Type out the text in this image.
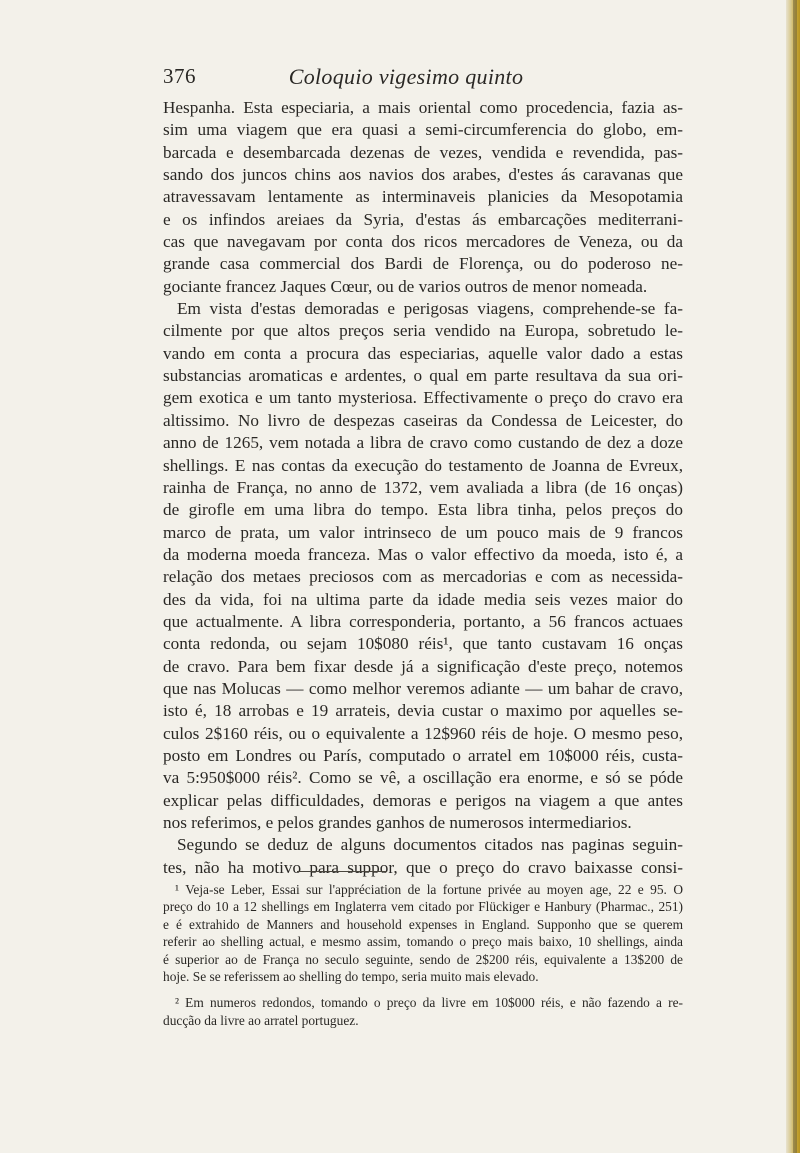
376	Coloquio vigesimo quinto
Hespanha. Esta especiaria, a mais oriental como procedencia, fazia as-
sim uma viagem que era quasi a semi-circumferencia do globo, em-
barcada e desembarcada dezenas de vezes, vendida e revendida, pas-
sando dos juncos chins aos navios dos arabes, d'estes ás caravanas que
atravessavam lentamente as interminaveis planicies da Mesopotamia
e os infindos areiaes da Syria, d'estas ás embarcações mediterrani-
cas que navegavam por conta dos ricos mercadores de Veneza, ou da
grande casa commercial dos Bardi de Florença, ou do poderoso ne-
gociante francez Jaques Cœur, ou de varios outros de menor nomeada.
Em vista d'estas demoradas e perigosas viagens, comprehende-se fa-
cilmente por que altos preços seria vendido na Europa, sobretudo le-
vando em conta a procura das especiarias, aquelle valor dado a estas
substancias aromaticas e ardentes, o qual em parte resultava da sua ori-
gem exotica e um tanto mysteriosa. Effectivamente o preço do cravo era
altissimo. No livro de despezas caseiras da Condessa de Leicester, do
anno de 1265, vem notada a libra de cravo como custando de dez a doze
shellings. E nas contas da execução do testamento de Joanna de Evreux,
rainha de França, no anno de 1372, vem avaliada a libra (de 16 onças)
de girofle em uma libra do tempo. Esta libra tinha, pelos preços do
marco de prata, um valor intrinseco de um pouco mais de 9 francos
da moderna moeda franceza. Mas o valor effectivo da moeda, isto é, a
relação dos metaes preciosos com as mercadorias e com as necessida-
des da vida, foi na ultima parte da idade media seis vezes maior do
que actualmente. A libra corresponderia, portanto, a 56 francos actuaes
conta redonda, ou sejam 10$080 réis¹, que tanto custavam 16 onças
de cravo. Para bem fixar desde já a significação d'este preço, notemos
que nas Molucas — como melhor veremos adiante — um bahar de cravo,
isto é, 18 arrobas e 19 arrateis, devia custar o maximo por aquelles se-
culos 2$160 réis, ou o equivalente a 12$960 réis de hoje. O mesmo peso,
posto em Londres ou París, computado o arratel em 10$000 réis, custa-
va 5:950$000 réis². Como se vê, a oscillação era enorme, e só se póde
explicar pelas difficuldades, demoras e perigos na viagem a que antes
nos referimos, e pelos grandes ganhos de numerosos intermediarios.
Segundo se deduz de alguns documentos citados nas paginas seguin-
tes, não ha motivo para suppor, que o preço do cravo baixasse consi-
¹ Veja-se Leber, Essai sur l'appréciation de la fortune privée au moyen age, 22 e 95. O
preço do 10 a 12 shellings em Inglaterra vem citado por Flückiger e Hanbury (Pharmac., 251)
e é extrahido de Manners and household expenses in England. Supponho que se querem
referir ao shelling actual, e mesmo assim, tomando o preço mais baixo, 10 shellings, ainda
é superior ao de França no seculo seguinte, sendo de 2$200 réis, equivalente a 13$200 de
hoje. Se se referissem ao shelling do tempo, seria muito mais elevado.
² Em numeros redondos, tomando o preço da livre em 10$000 réis, e não fazendo a re-
ducção da livre ao arratel portuguez.
